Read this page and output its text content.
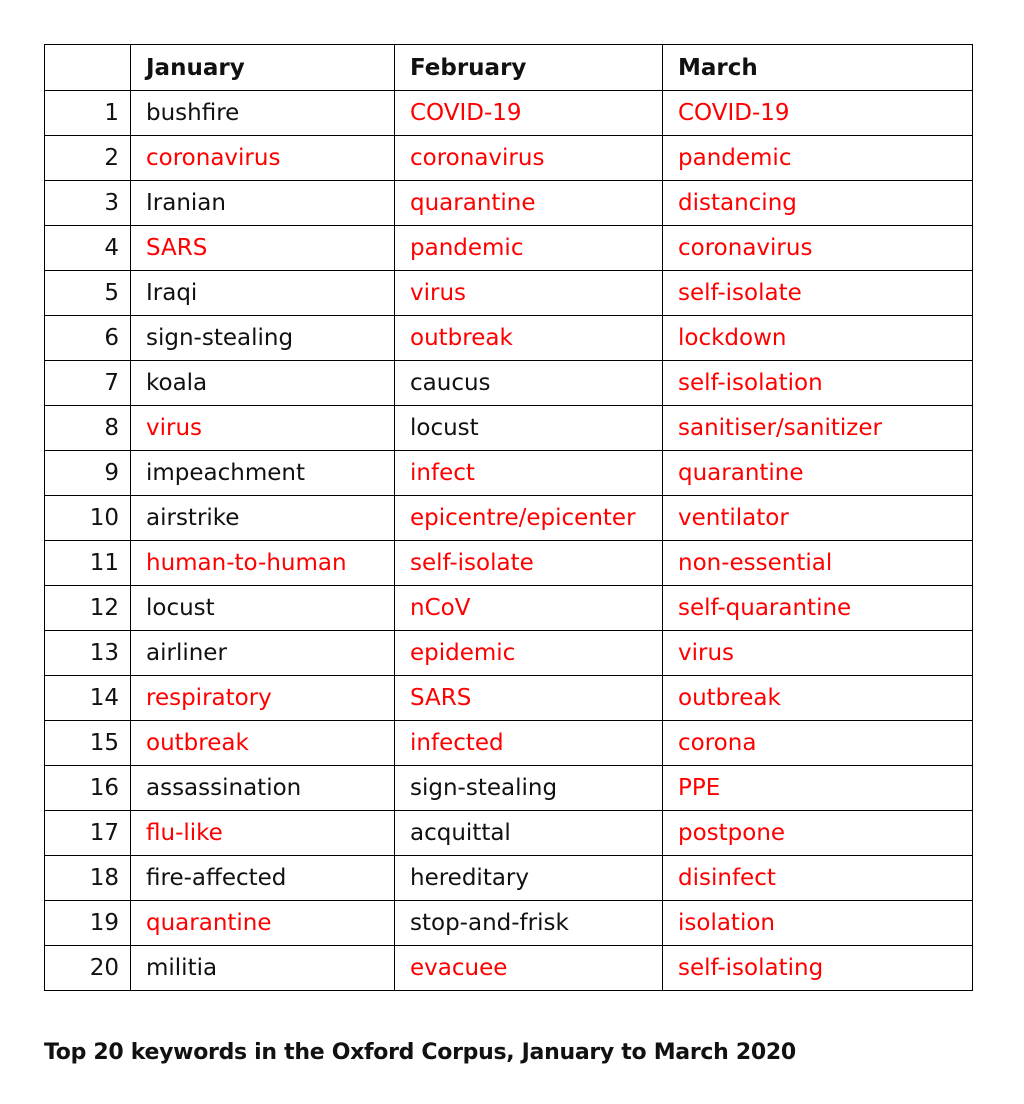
	January	February	March
1	bushfire	COVID-19	COVID-19
2	coronavirus	coronavirus	pandemic
3	Iranian	quarantine	distancing
4	SARS	pandemic	coronavirus
5	Iraqi	virus	self-isolate
6	sign-stealing	outbreak	lockdown
7	koala	caucus	self-isolation
8	virus	locust	sanitiser/sanitizer
9	impeachment	infect	quarantine
10	airstrike	epicentre/epicenter	ventilator
11	human-to-human	self-isolate	non-essential
12	locust	nCoV	self-quarantine
13	airliner	epidemic	virus
14	respiratory	SARS	outbreak
15	outbreak	infected	corona
16	assassination	sign-stealing	PPE
17	flu-like	acquittal	postpone
18	fire-affected	hereditary	disinfect
19	quarantine	stop-and-frisk	isolation
20	militia	evacuee	self-isolating

Top 20 keywords in the Oxford Corpus, January to March 2020
